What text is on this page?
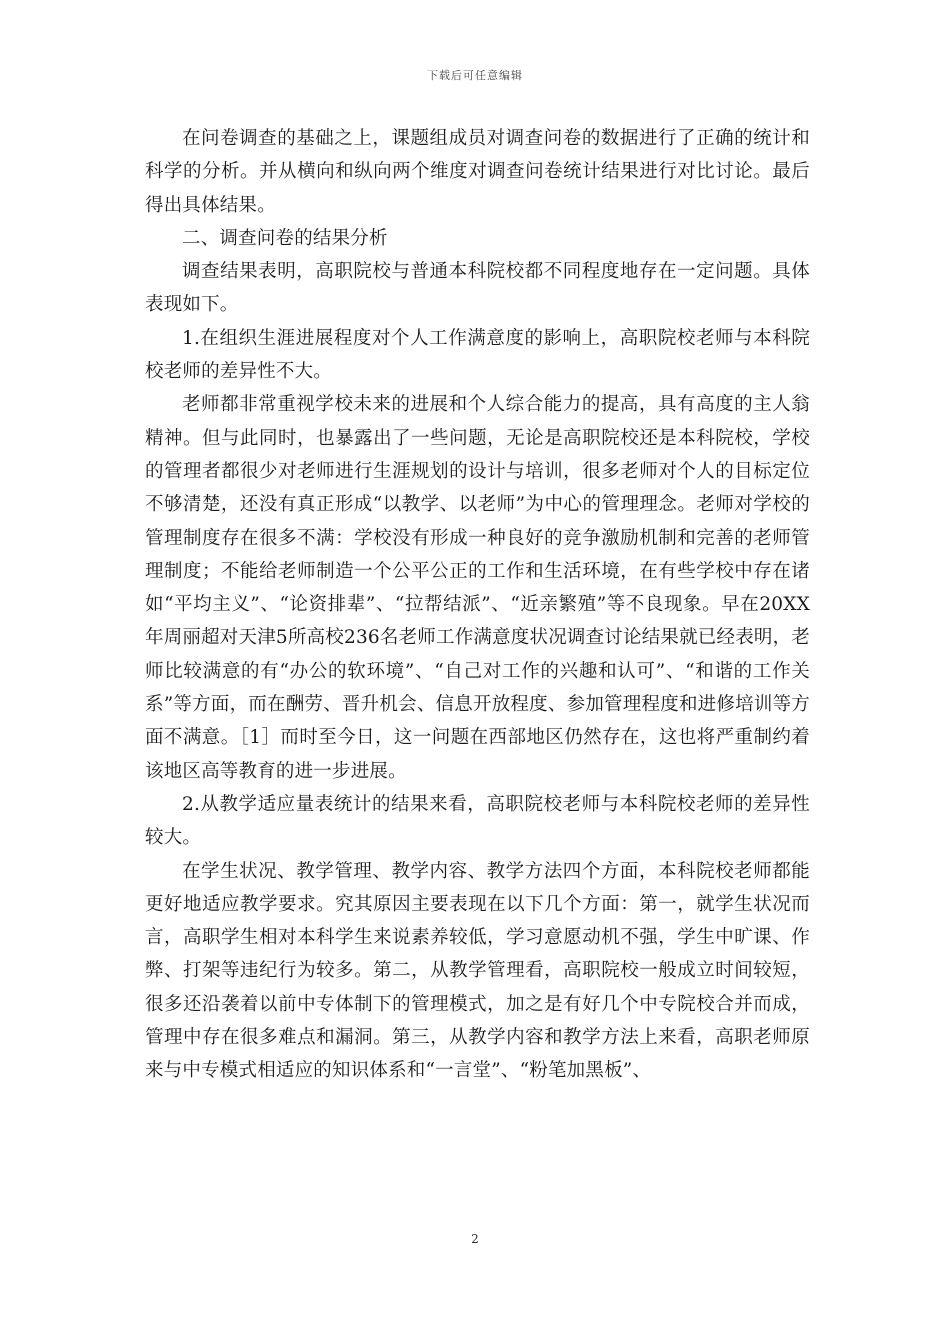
下载后可任意编辑

在问卷调查的基础之上，课题组成员对调查问卷的数据进行了正确的统计和科学的分析。并从横向和纵向两个维度对调查问卷统计结果进行对比讨论。最后得出具体结果。

二、调查问卷的结果分析

调查结果表明，高职院校与普通本科院校都不同程度地存在一定问题。具体表现如下。

1.在组织生涯进展程度对个人工作满意度的影响上，高职院校老师与本科院校老师的差异性不大。

老师都非常重视学校未来的进展和个人综合能力的提高，具有高度的主人翁精神。但与此同时，也暴露出了一些问题，无论是高职院校还是本科院校，学校的管理者都很少对老师进行生涯规划的设计与培训，很多老师对个人的目标定位不够清楚，还没有真正形成“以教学、以老师”为中心的管理理念。老师对学校的管理制度存在很多不满：学校没有形成一种良好的竞争激励机制和完善的老师管理制度；不能给老师制造一个公平公正的工作和生活环境，在有些学校中存在诸如“平均主义”、“论资排辈”、“拉帮结派”、“近亲繁殖”等不良现象。早在20XX年周丽超对天津5所高校236名老师工作满意度状况调查讨论结果就已经表明，老师比较满意的有“办公的软环境”、“自己对工作的兴趣和认可”、“和谐的工作关系”等方面，而在酬劳、晋升机会、信息开放程度、参加管理程度和进修培训等方面不满意。［1］而时至今日，这一问题在西部地区仍然存在，这也将严重制约着该地区高等教育的进一步进展。

2.从教学适应量表统计的结果来看，高职院校老师与本科院校老师的差异性较大。

在学生状况、教学管理、教学内容、教学方法四个方面，本科院校老师都能更好地适应教学要求。究其原因主要表现在以下几个方面：第一，就学生状况而言，高职学生相对本科学生来说素养较低，学习意愿动机不强，学生中旷课、作弊、打架等违纪行为较多。第二，从教学管理看，高职院校一般成立时间较短，很多还沿袭着以前中专体制下的管理模式，加之是有好几个中专院校合并而成，管理中存在很多难点和漏洞。第三，从教学内容和教学方法上来看，高职老师原来与中专模式相适应的知识体系和“一言堂”、“粉笔加黑板”、

2
